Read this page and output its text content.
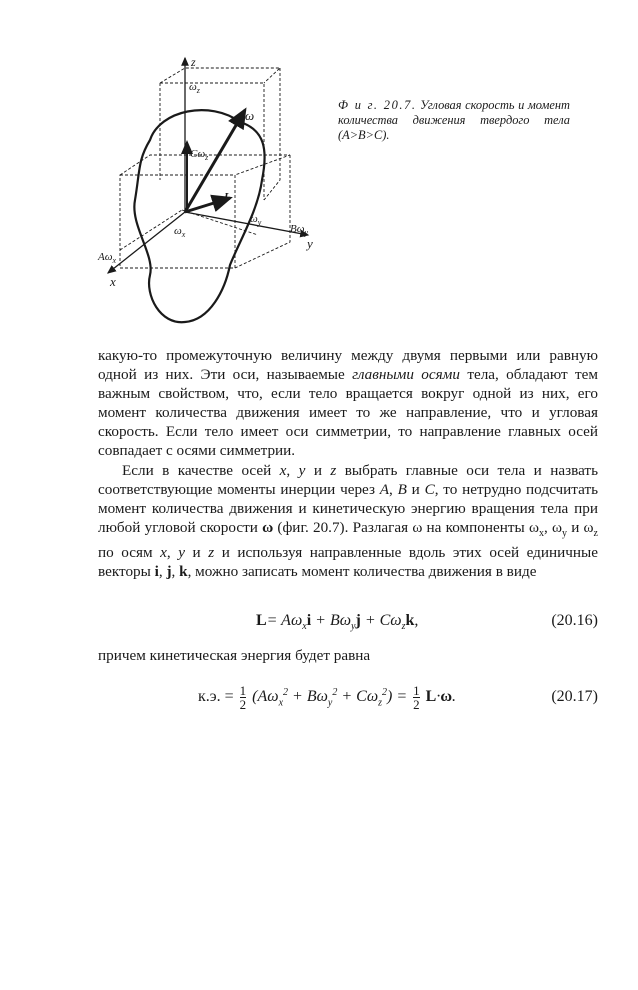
z
y
x
ω
L
$\omega_z$
$C\omega_z$
$\omega_y$
$B\omega_y$
$\omega_x$
$A\omega_x$
Ф и г. 20.7. Угловая скорость и момент количества движения твердого тела (A>B>C).

какую-то промежуточную величину между двумя первыми или равную одной из них. Эти оси, называемые главными осями тела, обладают тем важным свойством, что, если тело вращается вокруг одной из них, его момент количества движения имеет то же направление, что и угловая скорость. Если тело имеет оси симметрии, то направление главных осей совпадает с осями симметрии.

Если в качестве осей x, y и z выбрать главные оси тела и назвать соответствующие моменты инерции через A, B и C, то нетрудно подсчитать момент количества движения и кинетическую энергию вращения тела при любой угловой скорости ω (фиг. 20.7). Разлагая ω на компоненты $\omega_x$, $\omega_y$ и $\omega_z$ по осям x, y и z и используя направленные вдоль этих осей единичные векторы i, j, k, можно записать момент количества движения в виде

$L= A\omega_xi + B\omega_yj + C\omega_zk$,	(20.16)
причем кинетическая энергия будет равна
к.э. = $\frac{1}{2} (A\omega_x^2 + B\omega_y^2 + C\omega_z^2) = \frac{1}{2} L\cdot\omega$.	(20.17)
